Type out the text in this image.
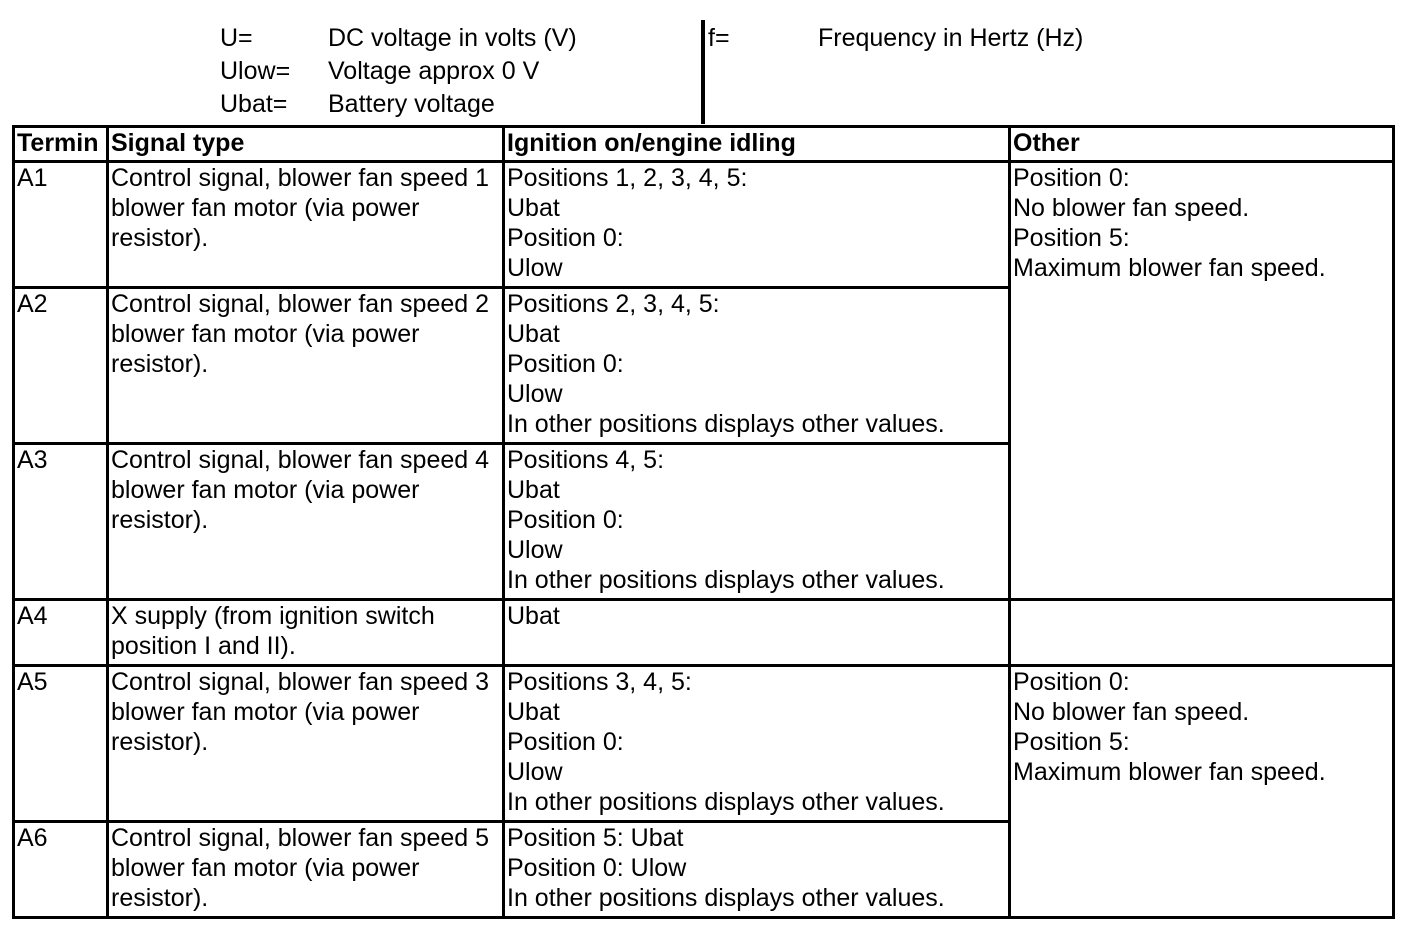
U=	DC voltage in volts (V)
Ulow= Voltage approx 0 V
Ubat= Battery voltage
f=	Frequency in Hertz (Hz)
Termin	Signal type	Ignition on/engine idling	Other
A1	Control signal, blower fan speed 1 blower fan motor (via power resistor).	Positions 1, 2, 3, 4, 5:
Ubat
Position 0:
Ulow	Position 0:
No blower fan speed.
Position 5:
Maximum blower fan speed.

A2	Control signal, blower fan speed 2 blower fan motor (via power resistor).	Positions 2, 3, 4, 5:
Ubat
Position 0:
Ulow
In other positions displays other values.	

A3	Control signal, blower fan speed 4 blower fan motor (via power resistor).	Positions 4, 5:
Ubat
Position 0:
Ulow
In other positions displays other values.	

A4	X supply (from ignition switch position I and II).	Ubat	

A5	Control signal, blower fan speed 3 blower fan motor (via power resistor).	Positions 3, 4, 5:
Ubat
Position 0:
Ulow
In other positions displays other values.	Position 0:
No blower fan speed.
Position 5:
Maximum blower fan speed.

A6	Control signal, blower fan speed 5 blower fan motor (via power resistor).	Position 5: Ubat
Position 0: Ulow
In other positions displays other values.	
